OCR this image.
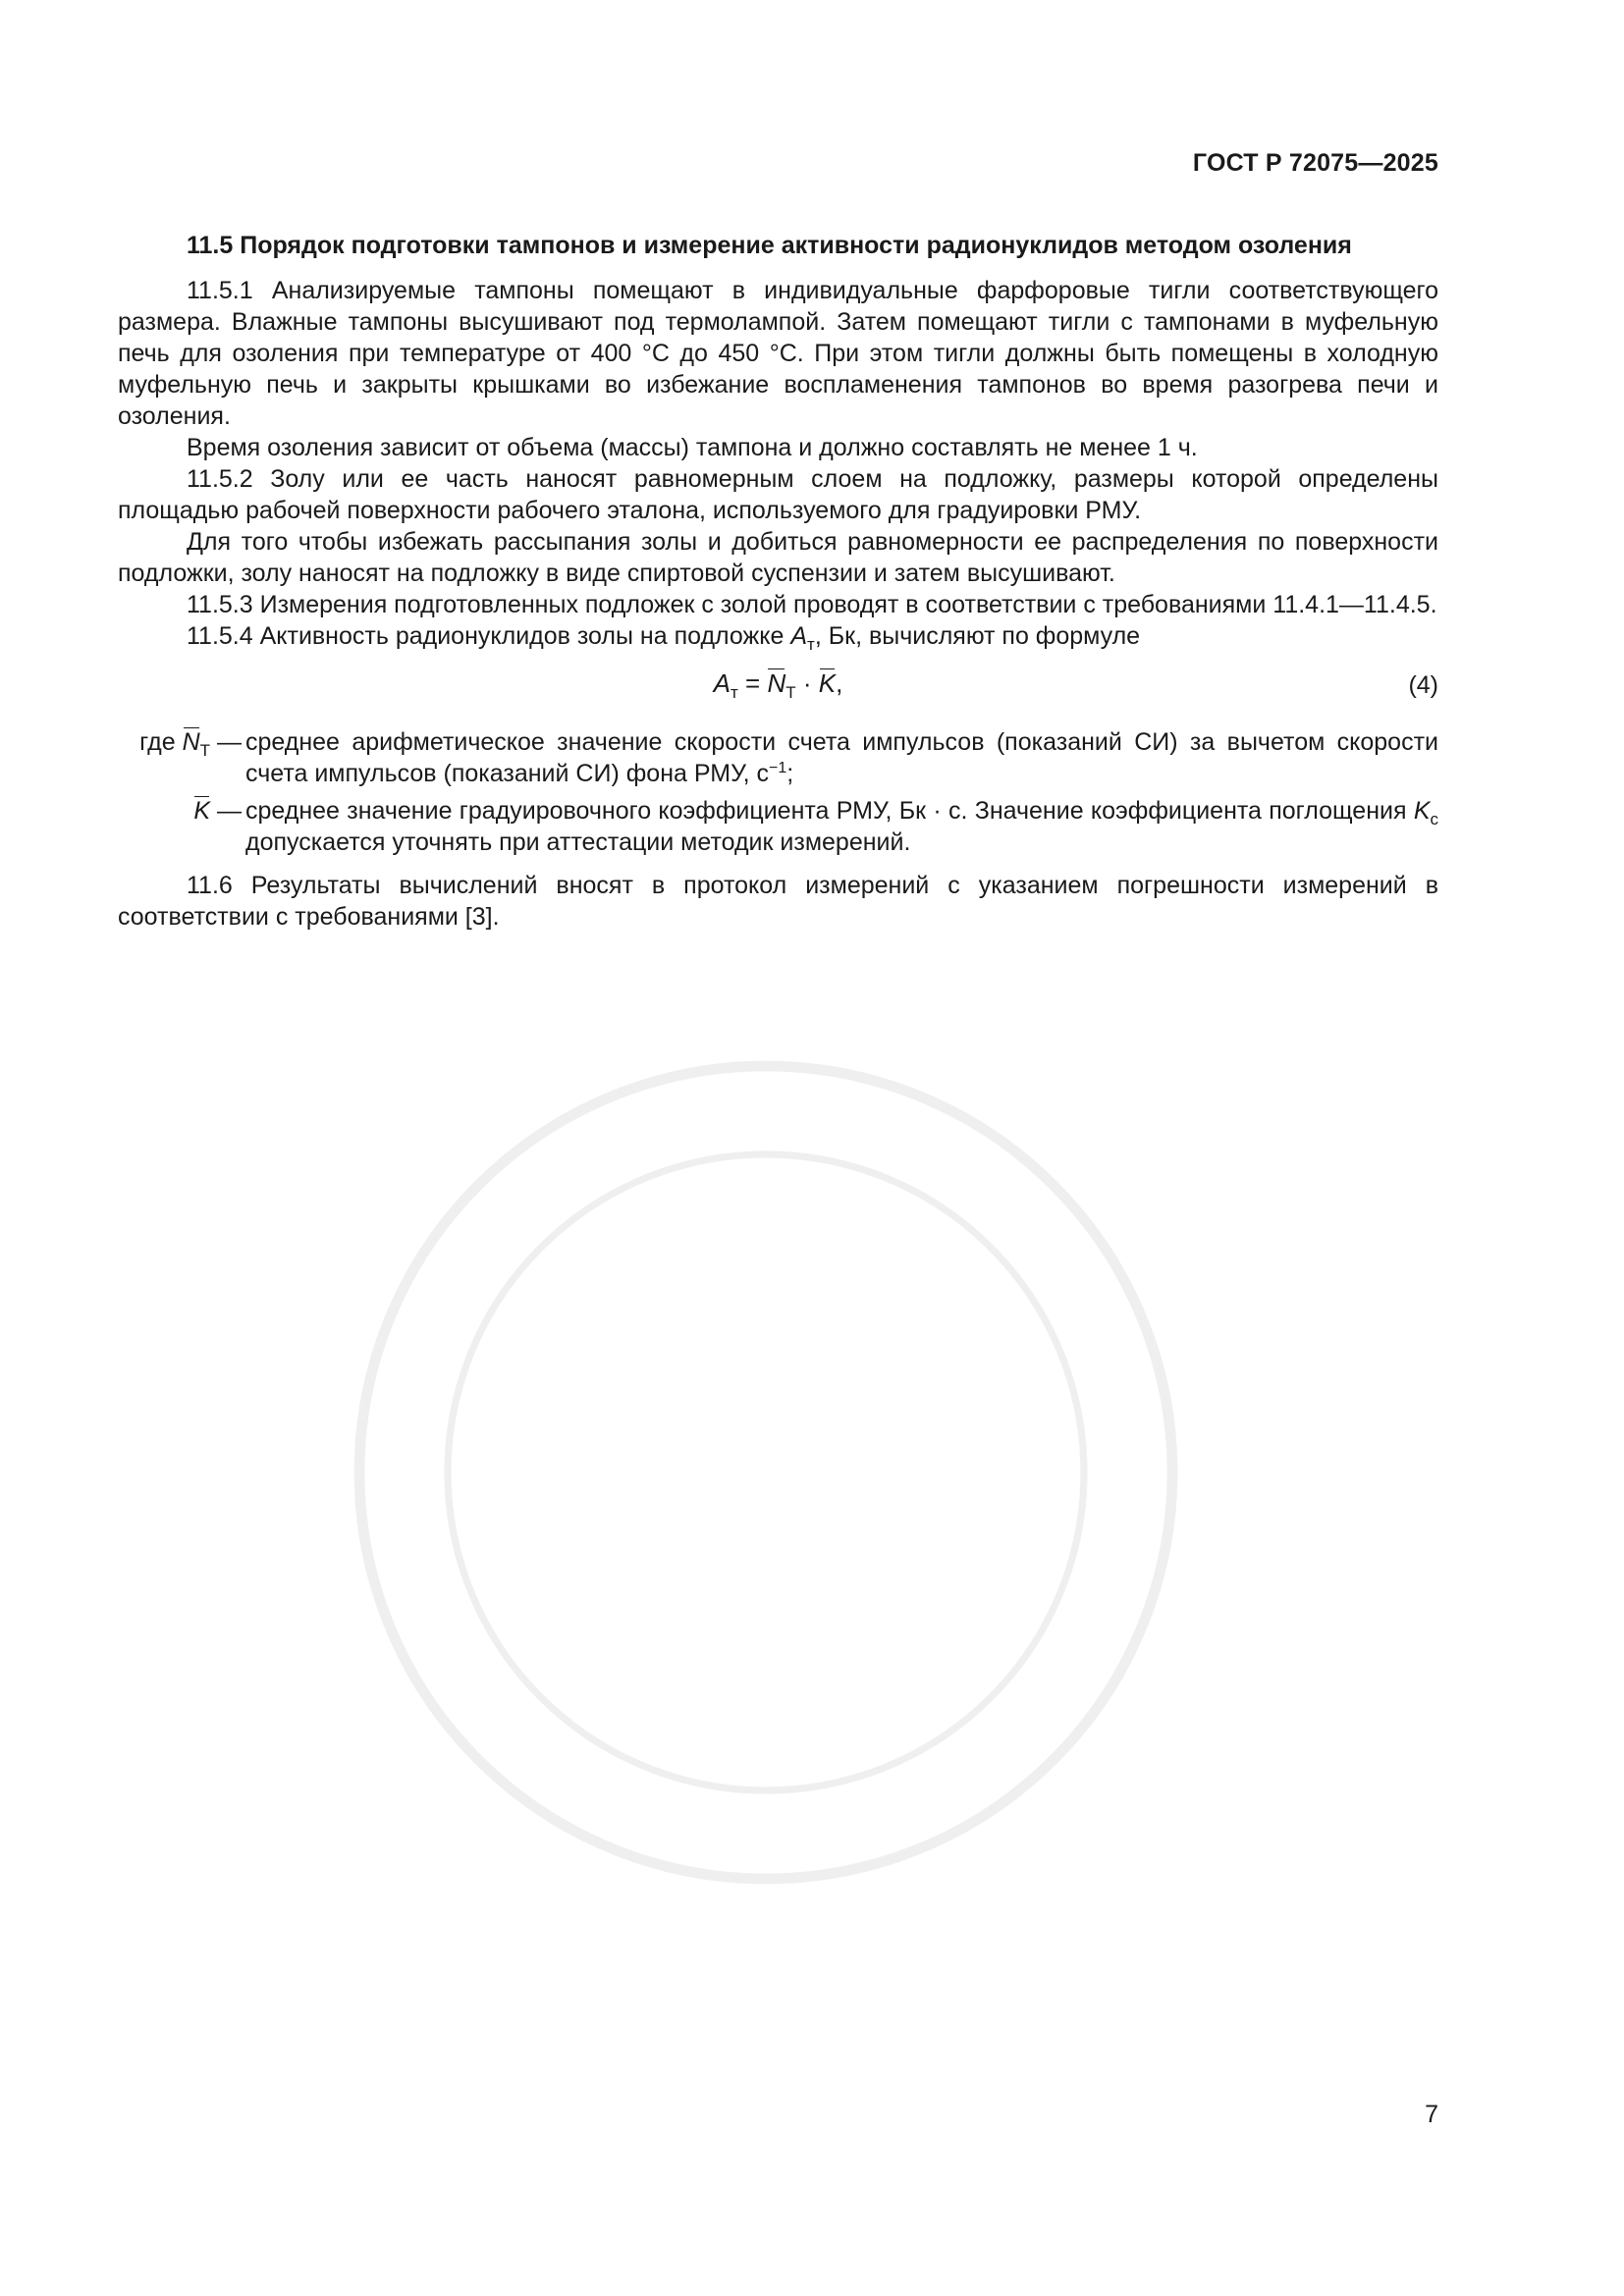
ГОСТ Р 72075—2025
11.5 Порядок подготовки тампонов и измерение активности радионуклидов методом озоления

11.5.1 Анализируемые тампоны помещают в индивидуальные фарфоровые тигли соответствующего размера. Влажные тампоны высушивают под термолампой. Затем помещают тигли с тампонами в муфельную печь для озоления при температуре от 400 °С до 450 °С. При этом тигли должны быть помещены в холодную муфельную печь и закрыты крышками во избежание воспламенения тампонов во время разогрева печи и озоления.

Время озоления зависит от объема (массы) тампона и должно составлять не менее 1 ч.

11.5.2 Золу или ее часть наносят равномерным слоем на подложку, размеры которой определены площадью рабочей поверхности рабочего эталона, используемого для градуировки РМУ.

Для того чтобы избежать рассыпания золы и добиться равномерности ее распределения по поверхности подложки, золу наносят на подложку в виде спиртовой суспензии и затем высушивают.

11.5.3 Измерения подготовленных подложек с золой проводят в соответствии с требованиями 11.4.1—11.4.5.

11.5.4 Активность радионуклидов золы на подложке $A_т$, Бк, вычисляют по формуле

$A_т = N_Т \cdot K$,	(4)
где $N_Т$ — среднее арифметическое значение скорости счета импульсов (показаний СИ) за вычетом скорости счета импульсов (показаний СИ) фона РМУ, $с^{-1}$;
K — среднее значение градуировочного коэффициента РМУ, Бк · с. Значение коэффициента поглощения $K_c$ допускается уточнять при аттестации методик измерений.

11.6 Результаты вычислений вносят в протокол измерений с указанием погрешности измерений в соответствии с требованиями [3].

7
